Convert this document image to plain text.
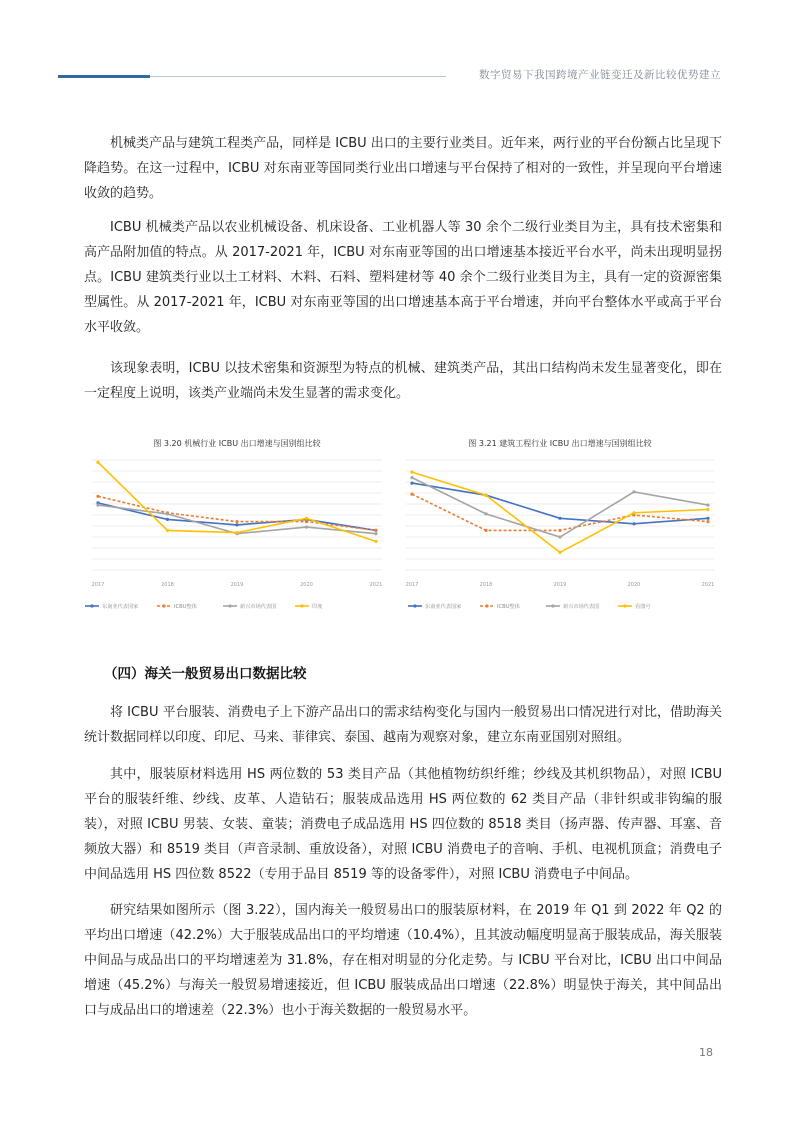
数字贸易下我国跨境产业链变迁及新比较优势建立

机械类产品与建筑工程类产品，同样是 ICBU 出口的主要行业类目。近年来，两行业的平台份额占比呈现下降趋势。在这一过程中，ICBU 对东南亚等国同类行业出口增速与平台保持了相对的一致性，并呈现向平台增速收敛的趋势。

ICBU 机械类产品以农业机械设备、机床设备、工业机器人等 30 余个二级行业类目为主，具有技术密集和高产品附加值的特点。从 2017-2021 年，ICBU 对东南亚等国的出口增速基本接近平台水平，尚未出现明显拐点。ICBU 建筑类行业以土工材料、木料、石料、塑料建材等 40 余个二级行业类目为主，具有一定的资源密集型属性。从 2017-2021 年，ICBU 对东南亚等国的出口增速基本高于平台增速，并向平台整体水平或高于平台水平收敛。

该现象表明，ICBU 以技术密集和资源型为特点的机械、建筑类产品，其出口结构尚未发生显著变化，即在一定程度上说明，该类产业端尚未发生显著的需求变化。

图 3.20 机械行业 ICBU 出口增速与国别组比较
2017	2018	2019	2020	2021
东南亚代表国家	ICBU整体	新兴市场代表国	印度
图 3.21 建筑工程行业 ICBU 出口增速与国别组比较
2017	2018	2019	2020	2021
东南亚代表国家	ICBU整体	新兴市场代表国	看图号
（四）海关一般贸易出口数据比较

将 ICBU 平台服装、消费电子上下游产品出口的需求结构变化与国内一般贸易出口情况进行对比，借助海关统计数据同样以印度、印尼、马来、菲律宾、泰国、越南为观察对象，建立东南亚国别对照组。

其中，服装原材料选用 HS 两位数的 53 类目产品（其他植物纺织纤维；纱线及其机织物品），对照 ICBU 平台的服装纤维、纱线、皮革、人造钻石；服装成品选用 HS 两位数的 62 类目产品（非针织或非钩编的服装），对照 ICBU 男装、女装、童装；消费电子成品选用 HS 四位数的 8518 类目（扬声器、传声器、耳塞、音频放大器）和 8519 类目（声音录制、重放设备），对照 ICBU 消费电子的音响、手机、电视机顶盒；消费电子中间品选用 HS 四位数 8522（专用于品目 8519 等的设备零件），对照 ICBU 消费电子中间品。

研究结果如图所示（图 3.22），国内海关一般贸易出口的服装原材料，在 2019 年 Q1 到 2022 年 Q2 的平均出口增速（42.2%）大于服装成品出口的平均增速（10.4%），且其波动幅度明显高于服装成品，海关服装中间品与成品出口的平均增速差为 31.8%，存在相对明显的分化走势。与 ICBU 平台对比，ICBU 出口中间品增速（45.2%）与海关一般贸易增速接近，但 ICBU 服装成品出口增速（22.8%）明显快于海关，其中间品出口与成品出口的增速差（22.3%）也小于海关数据的一般贸易水平。

18
